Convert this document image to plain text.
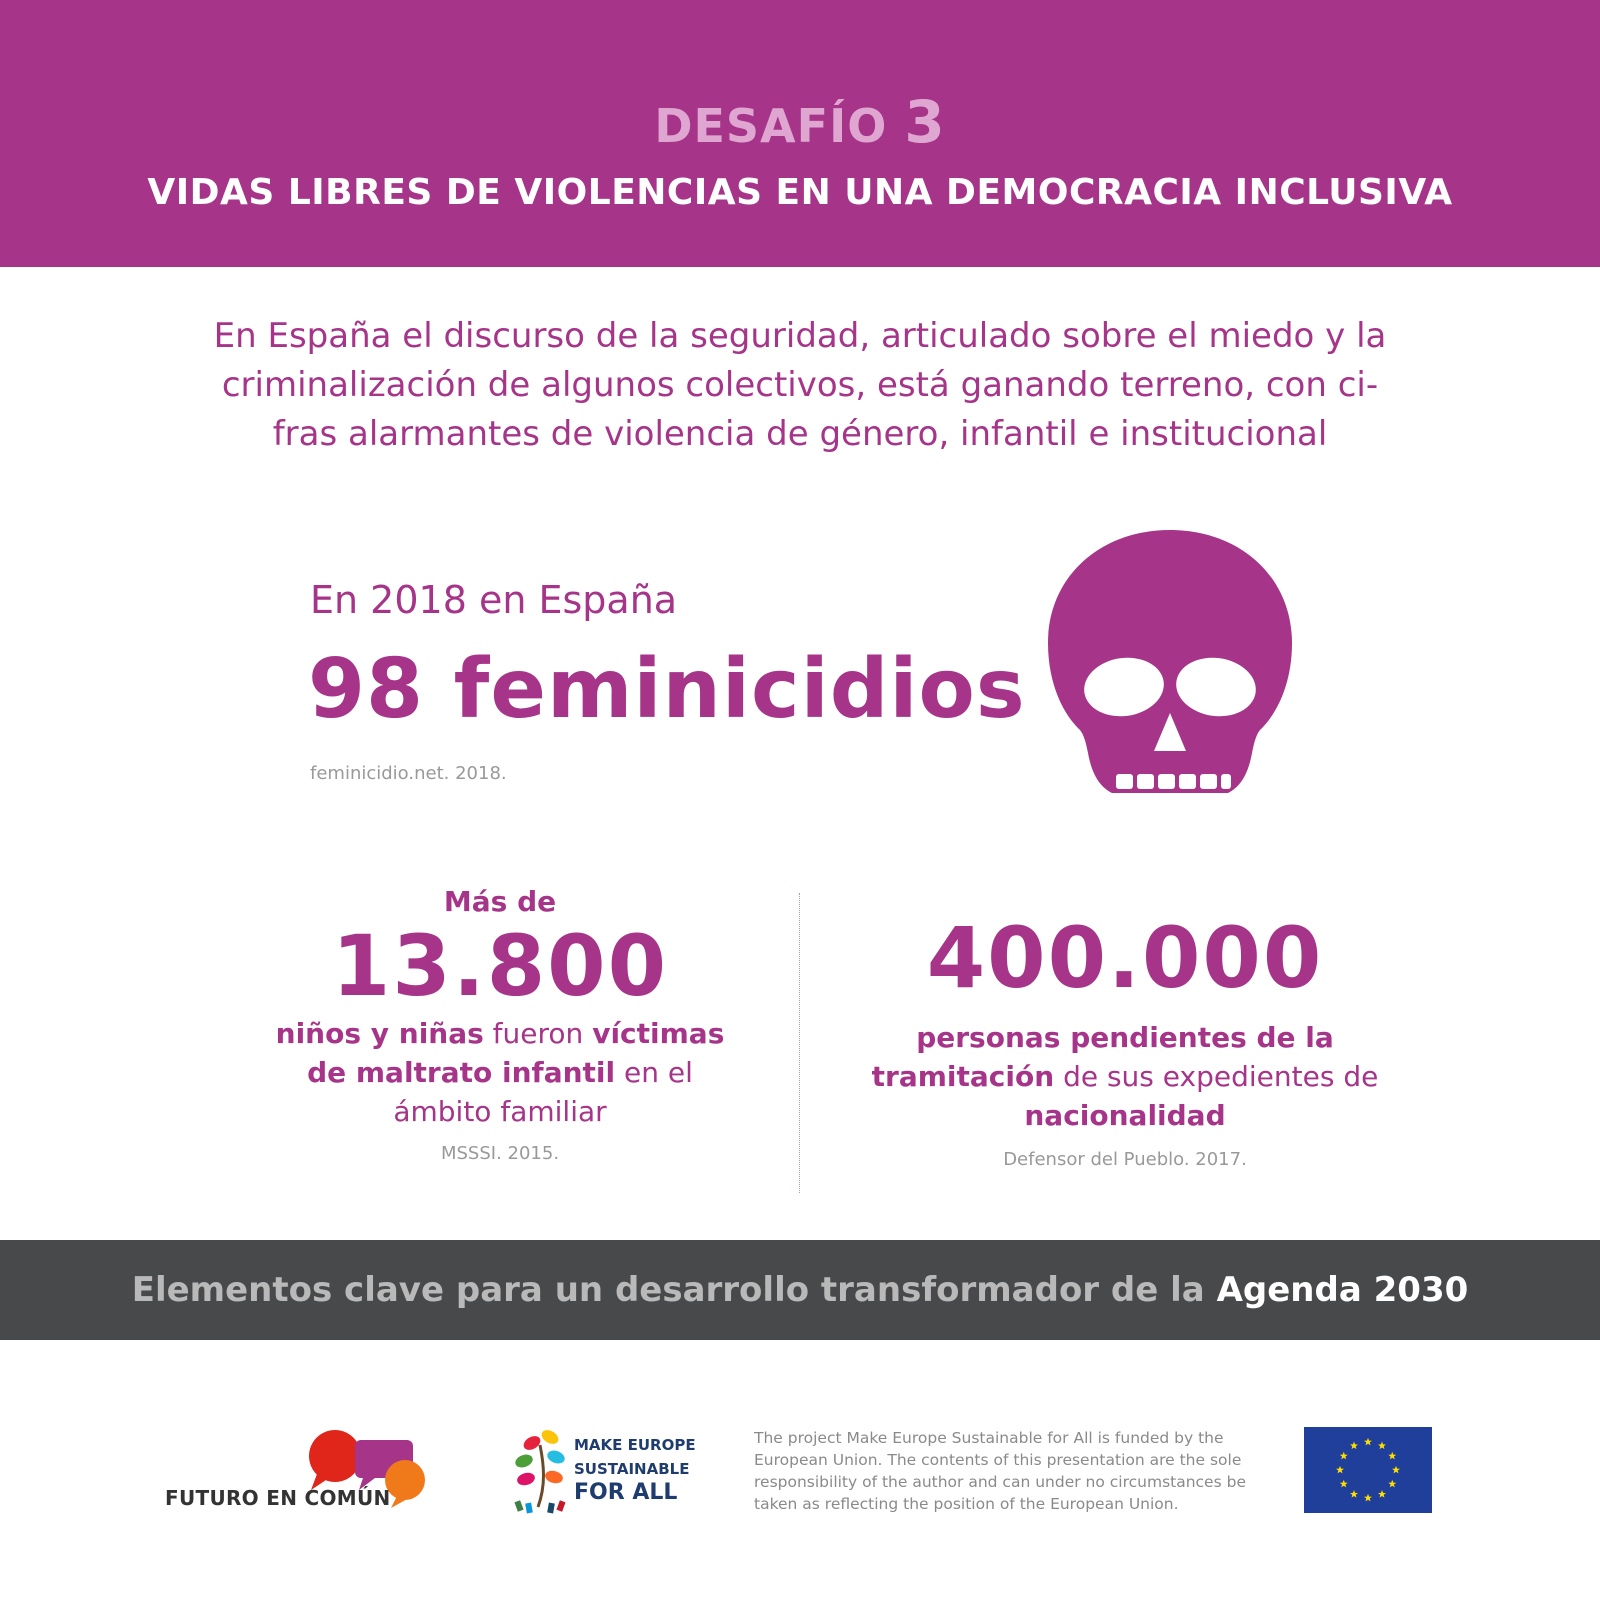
DESAFÍO 3
VIDAS LIBRES DE VIOLENCIAS EN UNA DEMOCRACIA INCLUSIVA
En España el discurso de la seguridad, articulado sobre el miedo y la
criminalización de algunos colectivos, está ganando terreno, con ci-
fras alarmantes de violencia de género, infantil e institucional
En 2018 en España
98 feminicidios
feminicidio.net. 2018.
Más de
13.800
niños y niñas fueron víctimas
de maltrato infantil en el
ámbito familiar
MSSSI. 2015.
400.000
personas pendientes de la
tramitación de sus expedientes de
nacionalidad
Defensor del Pueblo. 2017.
Elementos clave para un desarrollo transformador de la Agenda 2030
FUTURO EN COMÚN
MAKE EUROPE
SUSTAINABLE
FOR ALL
The project Make Europe Sustainable for All is funded by the European Union. The contents of this presentation are the sole responsibility of the author and can under no circumstances be taken as reflecting the position of the European Union.
